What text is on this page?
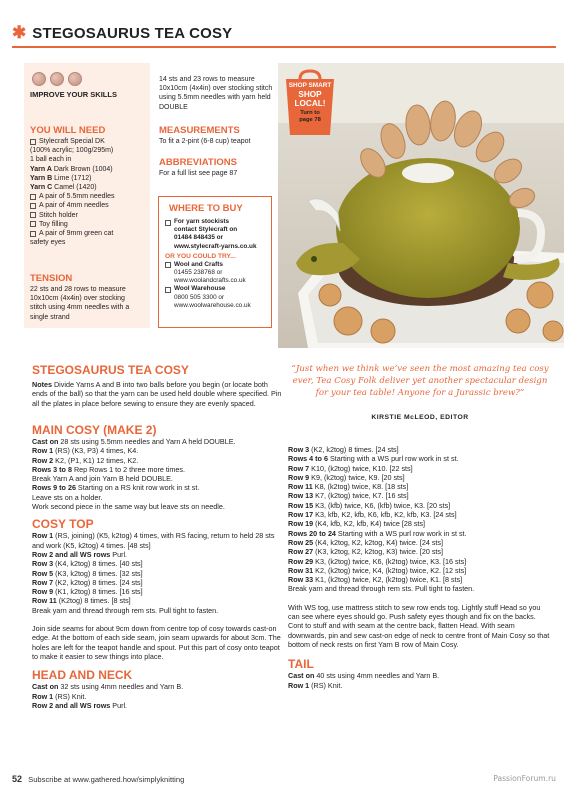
✱ STEGOSAURUS TEA COSY
IMPROVE YOUR SKILLS
YOU WILL NEED
Stylecraft Special DK
(100% acrylic; 100g/295m)
1 ball each in
Yarn A Dark Brown (1004)
Yarn B Lime (1712)
Yarn C Camel (1420)
A pair of 5.5mm needles
A pair of 4mm needles
Stitch holder
Toy filling
A pair of 9mm green cat
safety eyes
TENSION
22 sts and 28 rows to measure 10x10cm (4x4in) over stocking stitch using 4mm needles with a single strand
14 sts and 23 rows to measure 10x10cm (4x4in) over stocking stitch using 5.5mm needles with yarn held DOUBLE
MEASUREMENTS
To fit a 2-pint (6-8 cup) teapot
ABBREVIATIONS
For a full list see page 87
WHERE TO BUY
For yarn stockists
contact Stylecraft on
01484 848435 or
www.stylecraft-yarns.co.uk
OR YOU COULD TRY...
Wool and Crafts
01455 238768 or
www.woolandcrafts.co.uk
Wool Warehouse
0800 505 3300 or
www.woolwarehouse.co.uk
SHOP SMART
SHOP
LOCAL!
Turn to
page 78
STEGOSAURUS TEA COSY
Notes Divide Yarns A and B into two balls before you begin (or locate both ends of the ball) so that the yarn can be used held double where specified. Pin all the plates in place before sewing to ensure they are evenly spaced.
“Just when we think we’ve seen the most amazing tea cosy ever, Tea Cosy Folk deliver yet another spectacular design for your tea table! Anyone for a Jurassic brew?”
KIRSTIE McLEOD, EDITOR
MAIN COSY (MAKE 2)
Cast on 28 sts using 5.5mm needles and Yarn A held DOUBLE.
Row 1 (RS) (K3, P3) 4 times, K4.
Row 2 K2, (P1, K1) 12 times, K2.
Rows 3 to 8 Rep Rows 1 to 2 three more times.
Break Yarn A and join Yarn B held DOUBLE.
Rows 9 to 26 Starting on a RS knit row work in st st.
Leave sts on a holder.
Work second piece in the same way but leave sts on needle.
COSY TOP
Row 1 (RS, joining) (K5, k2tog) 4 times, with RS facing, return to held 28 sts and work (K5, k2tog) 4 times. [48 sts]
Row 2 and all WS rows Purl.
Row 3 (K4, k2tog) 8 times. [40 sts]
Row 5 (K3, k2tog) 8 times. [32 sts]
Row 7 (K2, k2tog) 8 times. [24 sts]
Row 9 (K1, k2tog) 8 times. [16 sts]
Row 11 (K2tog) 8 times. [8 sts]
Break yarn and thread through rem sts. Pull tight to fasten.
Join side seams for about 9cm down from centre top of cosy towards cast-on edge. At the bottom of each side seam, join seam upwards for about 3cm. The holes are left for the teapot handle and spout. Put this part of cosy onto teapot to make it easier to sew things into place.
HEAD AND NECK
Cast on 32 sts using 4mm needles and Yarn B.
Row 1 (RS) Knit.
Row 2 and all WS rows Purl.
Row 3 (K2, k2tog) 8 times. [24 sts]
Rows 4 to 6 Starting with a WS purl row work in st st.
Row 7 K10, (k2tog) twice, K10. [22 sts]
Row 9 K9, (k2tog) twice, K9. [20 sts]
Row 11 K8, (k2tog) twice, K8. [18 sts]
Row 13 K7, (k2tog) twice, K7. [16 sts]
Row 15 K3, (kfb) twice, K6, (kfb) twice, K3. [20 sts]
Row 17 K3, kfb, K2, kfb, K6, kfb, K2, kfb, K3. [24 sts]
Row 19 (K4, kfb, K2, kfb, K4) twice [28 sts]
Rows 20 to 24 Starting with a WS purl row work in st st.
Row 25 (K4, k2tog, K2, k2tog, K4) twice. [24 sts]
Row 27 (K3, k2tog, K2, k2tog, K3) twice. [20 sts]
Row 29 K3, (k2tog) twice, K6, (k2tog) twice, K3. [16 sts]
Row 31 K2, (k2tog) twice, K4, (k2tog) twice, K2. [12 sts]
Row 33 K1, (k2tog) twice, K2, (k2tog) twice, K1. [8 sts]
Break yarn and thread through rem sts. Pull tight to fasten.
With WS tog, use mattress stitch to sew row ends tog. Lightly stuff Head so you can see where eyes should go. Push safety eyes though and fix on the backs. Cont to stuff and with seam at the centre back, flatten Head. With seam downwards, pin and sew cast-on edge of neck to centre front of Main Cosy so that bottom of neck rests on first Yarn B row of Main Cosy.
TAIL
Cast on 40 sts using 4mm needles and Yarn B.
Row 1 (RS) Knit.
52 Subscribe at www.gathered.how/simplyknitting	PassionForum.ru
